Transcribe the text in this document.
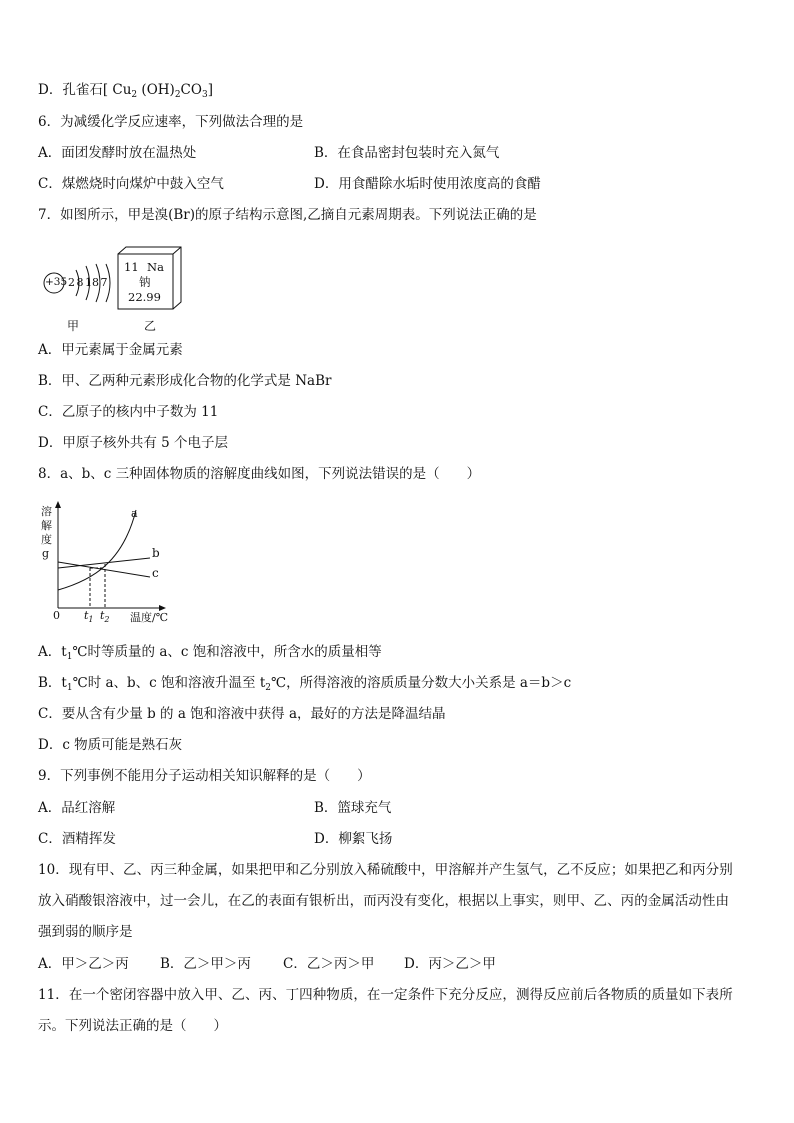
D．孔雀石[ $Cu_2$ $(OH)_2CO_3$]
6．为减缓化学反应速率，下列做法合理的是
A．面团发酵时放在温热处	B．在食品密封包装时充入氮气
C．煤燃烧时向煤炉中鼓入空气	D．用食醋除水垢时使用浓度高的食醋
7．如图所示，甲是溴(Br)的原子结构示意图,乙摘自元素周期表。下列说法正确的是
+35 2 8 18 7
甲
11 Na
钠
22.99
乙
A．甲元素属于金属元素
B．甲、乙两种元素形成化合物的化学式是 NaBr
C．乙原子的核内中子数为 11
D．甲原子核外共有 5 个电子层
8．a、b、c 三种固体物质的溶解度曲线如图，下列说法错误的是（　　）
溶
解
度
g
a
b
c
0 $t_1$ $t_2$ 温度/℃
A．$t_1℃$时等质量的 a、c 饱和溶液中，所含水的质量相等
B．$t_1℃$时 a、b、c 饱和溶液升温至 $t_2℃$，所得溶液的溶质质量分数大小关系是 a＝b＞c
C．要从含有少量 b 的 a 饱和溶液中获得 a，最好的方法是降温结晶
D．c 物质可能是熟石灰
9．下列事例不能用分子运动相关知识解释的是（　　）
A．品红溶解	B．篮球充气
C．酒精挥发	D．柳絮飞扬
10．现有甲、乙、丙三种金属，如果把甲和乙分别放入稀硫酸中，甲溶解并产生氢气，乙不反应；如果把乙和丙分别
放入硝酸银溶液中，过一会儿，在乙的表面有银析出，而丙没有变化，根据以上事实，则甲、乙、丙的金属活动性由
强到弱的顺序是
A．甲＞乙＞丙 B．乙＞甲＞丙 C．乙＞丙＞甲 D．丙＞乙＞甲
11．在一个密闭容器中放入甲、乙、丙、丁四种物质，在一定条件下充分反应，测得反应前后各物质的质量如下表所
示。下列说法正确的是（　　）
